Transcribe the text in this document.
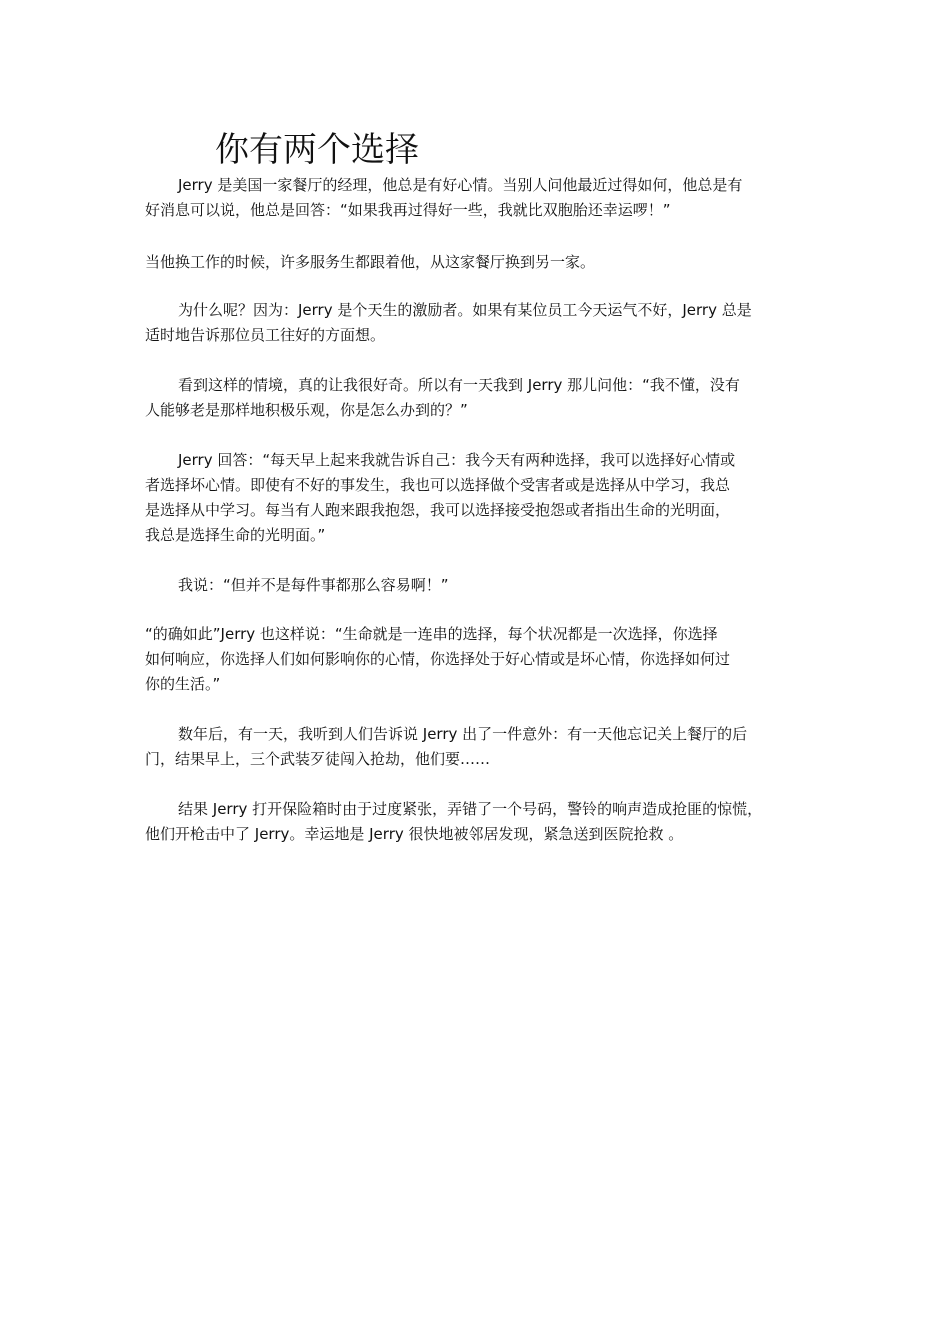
你有两个选择

Jerry 是美国一家餐厅的经理，他总是有好心情。当别人问他最近过得如何，他总是有
好消息可以说，他总是回答：“如果我再过得好一些，我就比双胞胎还幸运啰！”

当他换工作的时候，许多服务生都跟着他，从这家餐厅换到另一家。

为什么呢？因为：Jerry 是个天生的激励者。如果有某位员工今天运气不好，Jerry 总是
适时地告诉那位员工往好的方面想。

看到这样的情境，真的让我很好奇。所以有一天我到 Jerry 那儿问他：“我不懂，没有
人能够老是那样地积极乐观，你是怎么办到的？”

Jerry 回答：“每天早上起来我就告诉自己：我今天有两种选择，我可以选择好心情或
者选择坏心情。即使有不好的事发生，我也可以选择做个受害者或是选择从中学习，我总
是选择从中学习。每当有人跑来跟我抱怨，我可以选择接受抱怨或者指出生命的光明面，
我总是选择生命的光明面。”

我说：“但并不是每件事都那么容易啊！”

“的确如此”Jerry 也这样说：“生命就是一连串的选择，每个状况都是一次选择，你选择
如何响应，你选择人们如何影响你的心情，你选择处于好心情或是坏心情，你选择如何过
你的生活。”

数年后，有一天，我听到人们告诉说 Jerry 出了一件意外：有一天他忘记关上餐厅的后
门，结果早上，三个武装歹徒闯入抢劫，他们要……

结果 Jerry 打开保险箱时由于过度紧张，弄错了一个号码，警铃的响声造成抢匪的惊慌，
他们开枪击中了 Jerry。幸运地是 Jerry 很快地被邻居发现，紧急送到医院抢救 。
